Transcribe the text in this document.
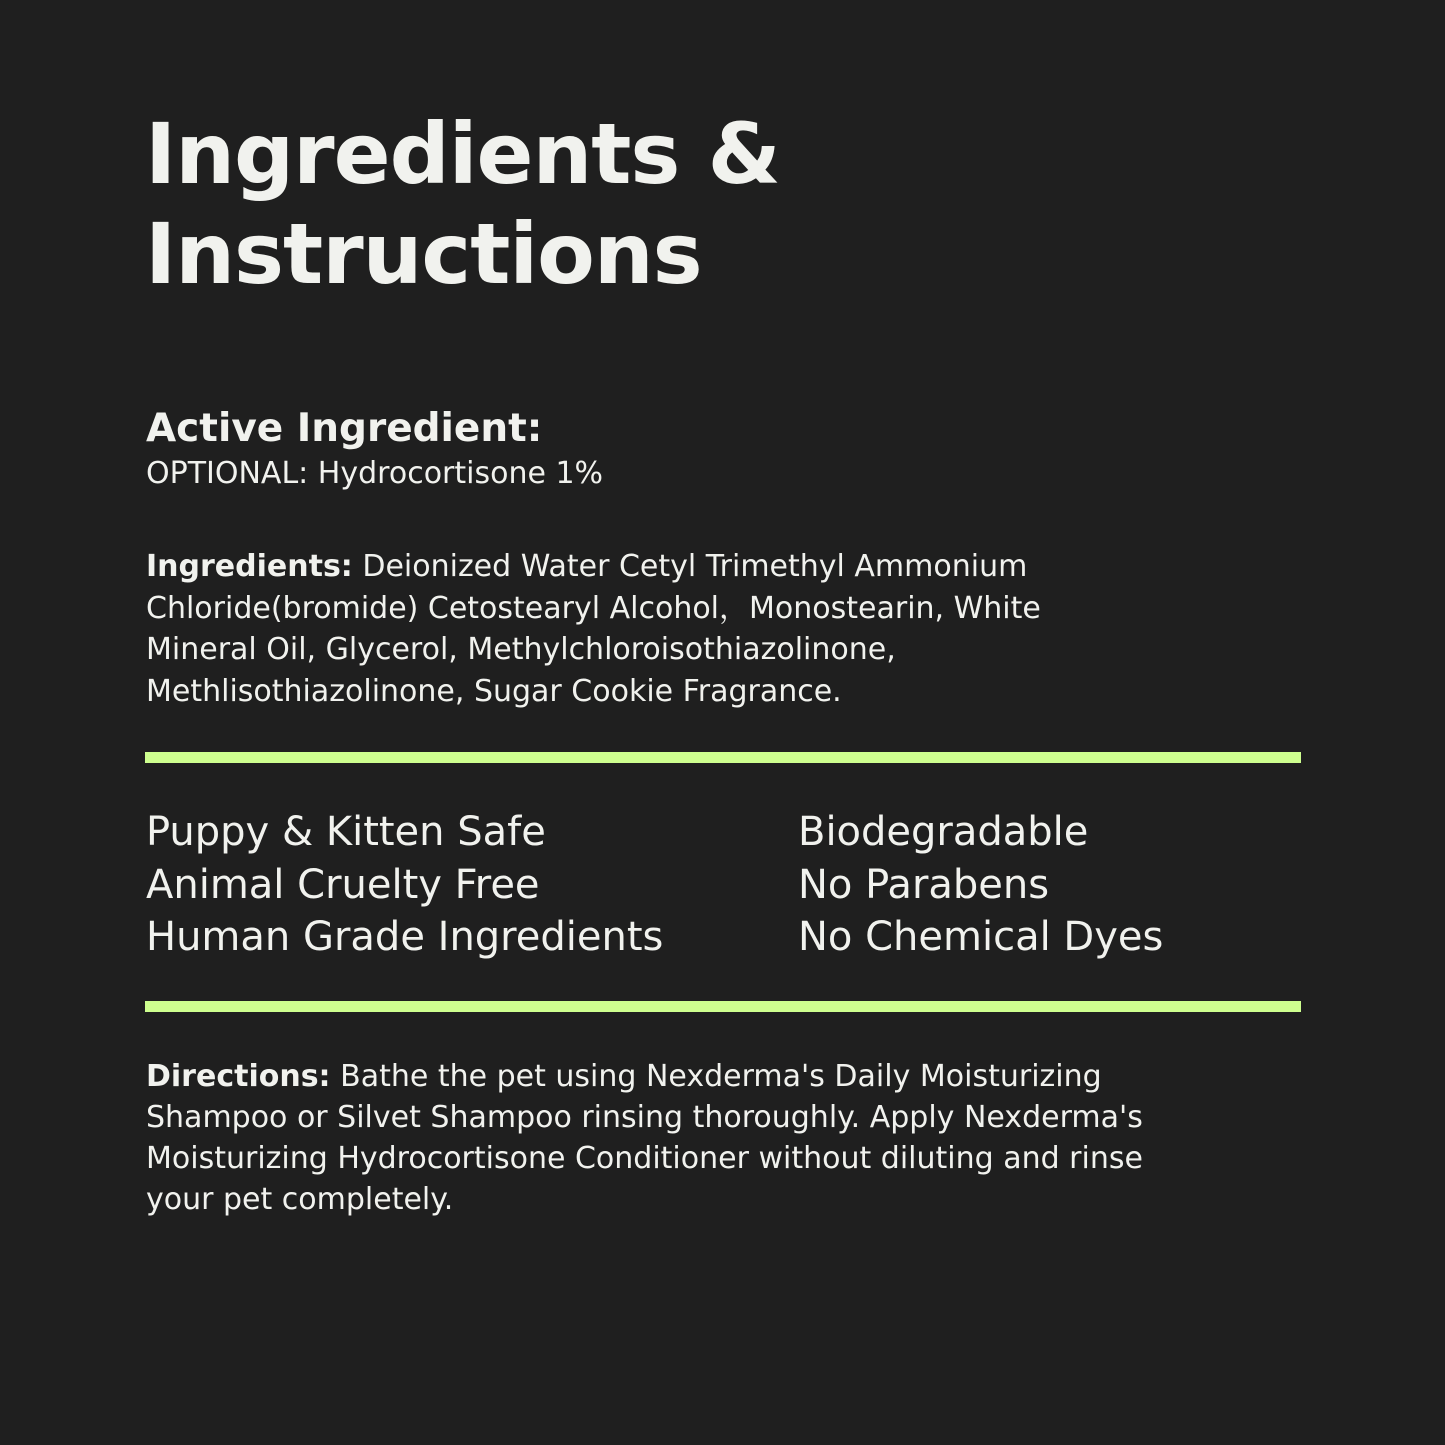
Ingredients &
Instructions
Active Ingredient:

OPTIONAL: Hydrocortisone 1%

Ingredients: Deionized Water Cetyl Trimethyl Ammonium
Chloride(bromide) Cetostearyl Alcohol，Monostearin, White
Mineral Oil, Glycerol, Methylchloroisothiazolinone,
Methlisothiazolinone, Sugar Cookie Fragrance.

Puppy & Kitten Safe
Animal Cruelty Free
Human Grade Ingredients
Biodegradable
No Parabens
No Chemical Dyes

Directions: Bathe the pet using Nexderma's Daily Moisturizing
Shampoo or Silvet Shampoo rinsing thoroughly. Apply Nexderma's
Moisturizing Hydrocortisone Conditioner without diluting and rinse
your pet completely.
